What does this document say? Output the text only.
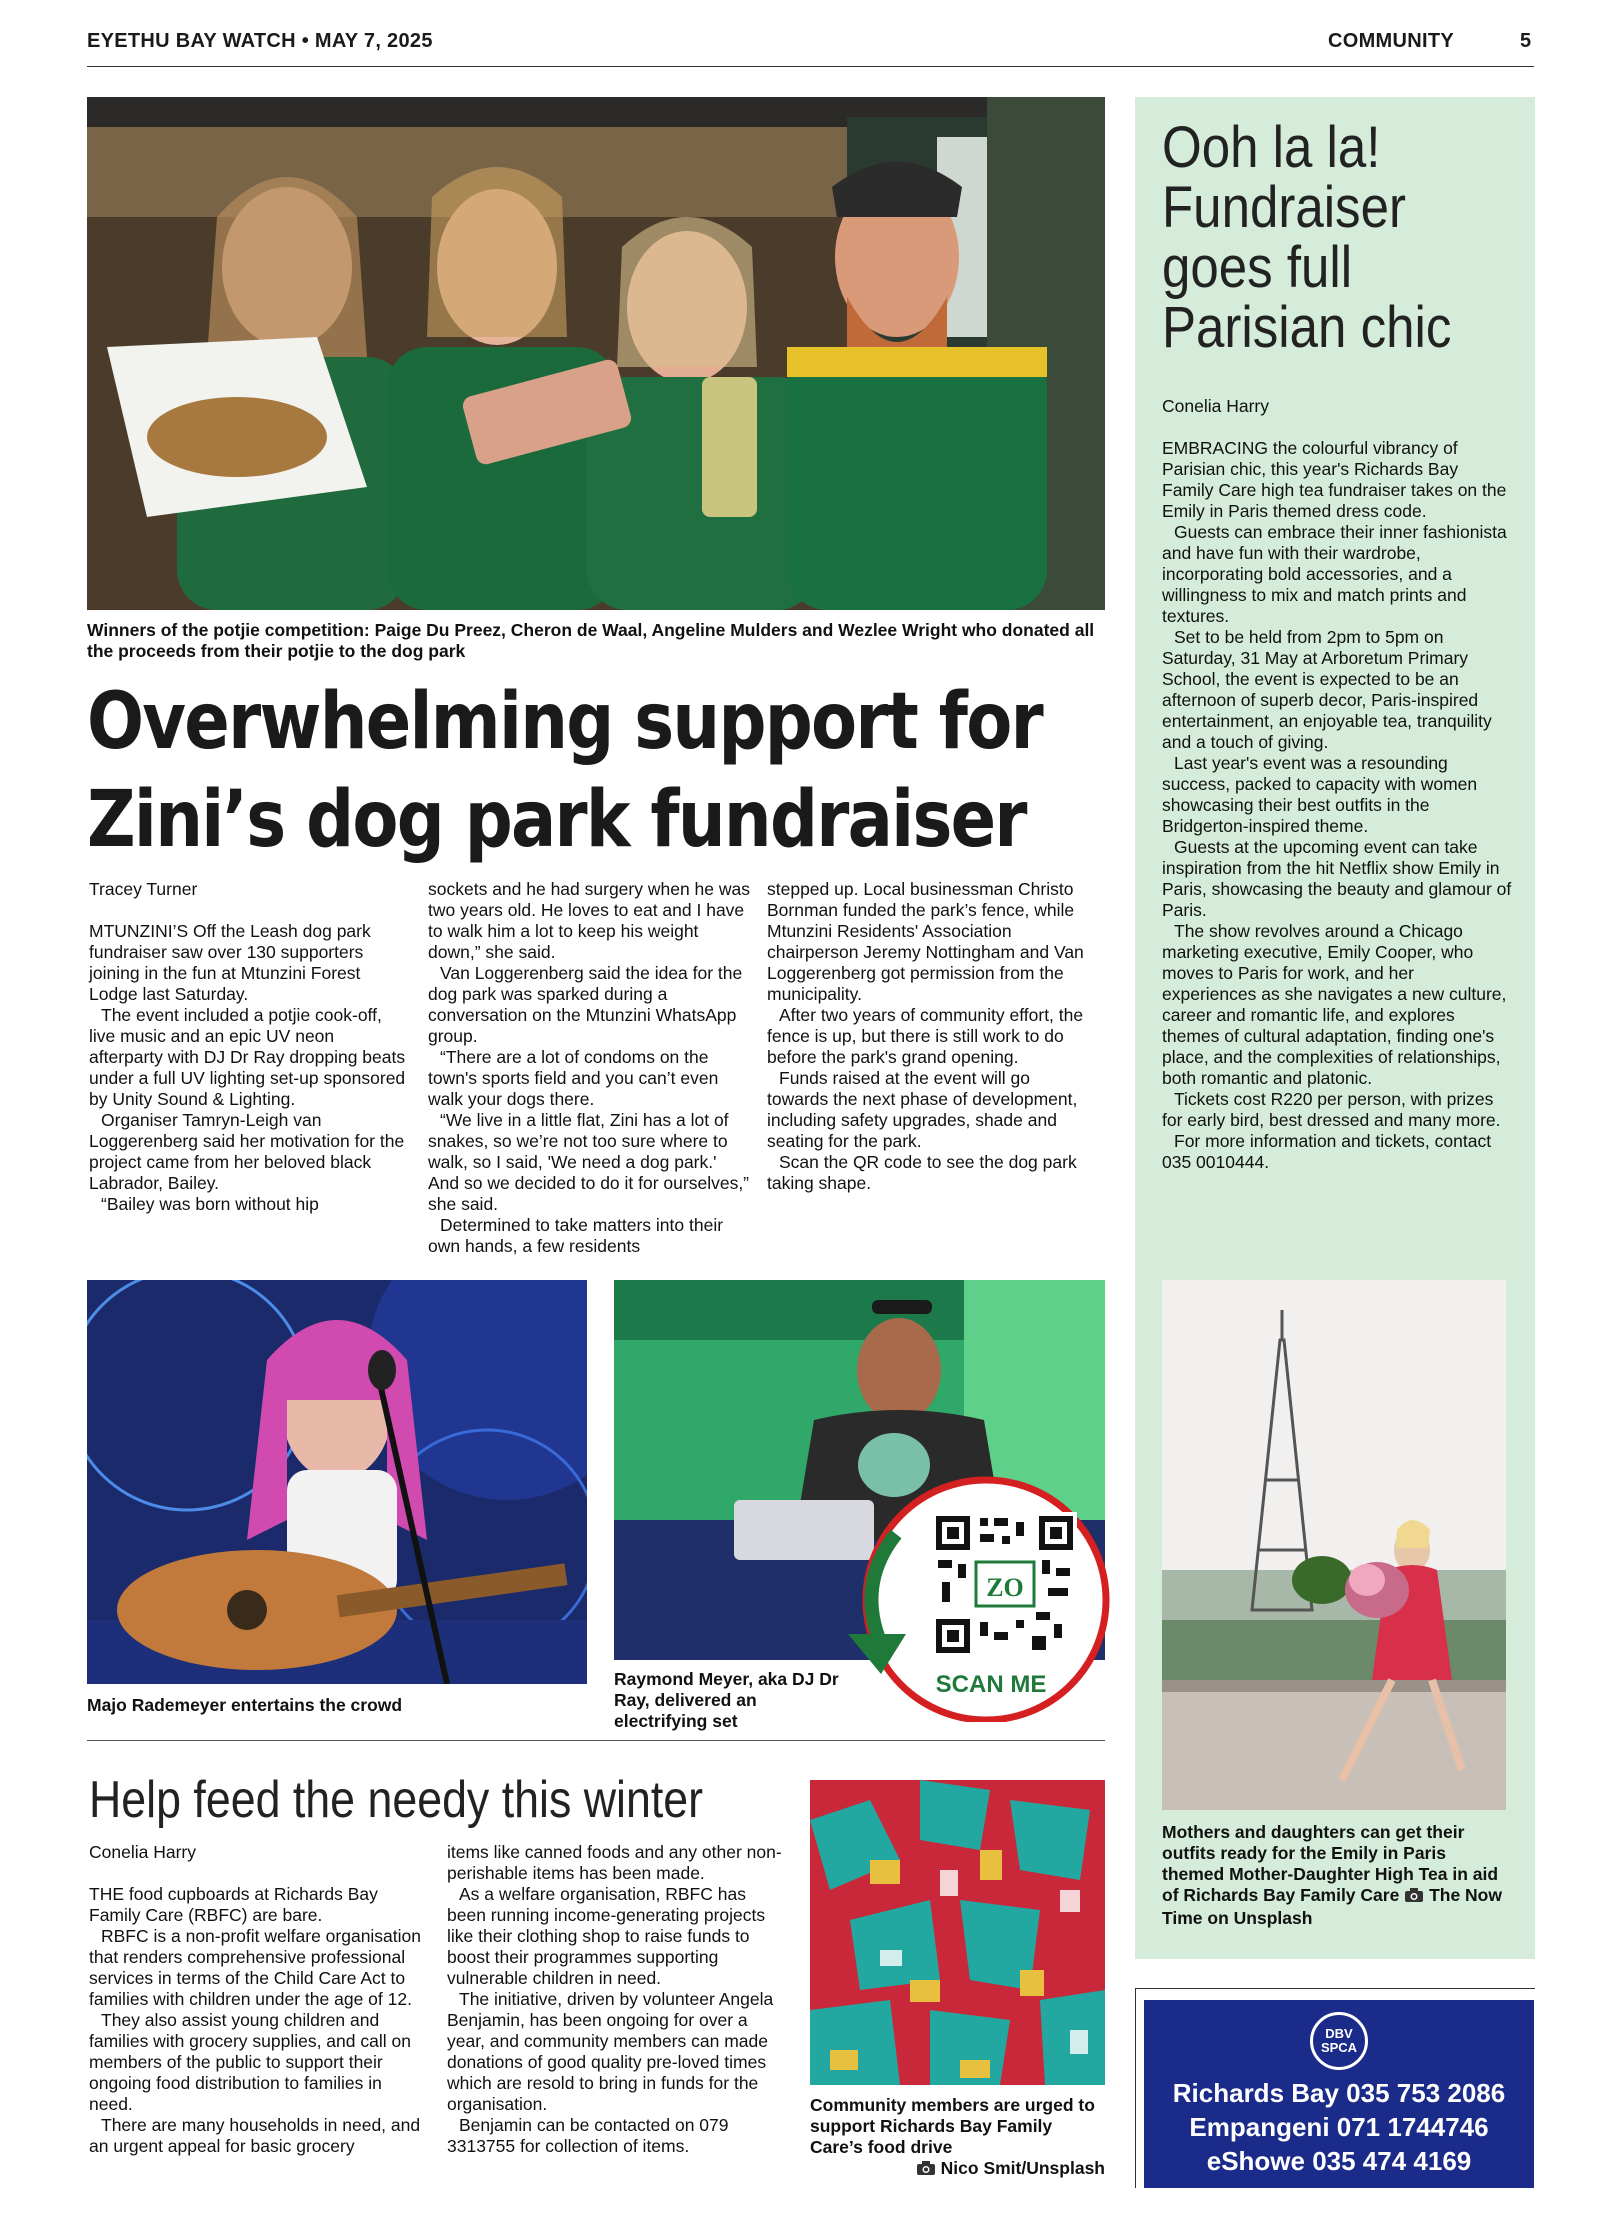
EYETHU BAY WATCH • MAY 7, 2025	COMMUNITY	5
Winners of the potjie competition: Paige Du Preez, Cheron de Waal, Angeline Mulders and Wezlee Wright who donated all the proceeds from their potjie to the dog park
Overwhelming support for
Zini’s dog park fundraiser
Tracey Turner

MTUNZINI’S Off the Leash dog park fundraiser saw over 130 supporters joining in the fun at Mtunzini Forest Lodge last Saturday.

The event included a potjie cook-off, live music and an epic UV neon afterparty with DJ Dr Ray dropping beats under a full UV lighting set-up sponsored by Unity Sound & Lighting.

Organiser Tamryn-Leigh van Loggerenberg said her motivation for the project came from her beloved black Labrador, Bailey.

“Bailey was born without hip

sockets and he had surgery when he was two years old. He loves to eat and I have to walk him a lot to keep his weight down,” she said.

Van Loggerenberg said the idea for the dog park was sparked during a conversation on the Mtunzini WhatsApp group.

“There are a lot of condoms on the town's sports field and you can’t even walk your dogs there.

“We live in a little flat, Zini has a lot of snakes, so we’re not too sure where to walk, so I said, 'We need a dog park.' And so we decided to do it for ourselves,” she said.

Determined to take matters into their own hands, a few residents

stepped up. Local businessman Christo Bornman funded the park’s fence, while Mtunzini Residents' Association chairperson Jeremy Nottingham and Van Loggerenberg got permission from the municipality.

After two years of community effort, the fence is up, but there is still work to do before the park's grand opening.

Funds raised at the event will go towards the next phase of development, including safety upgrades, shade and seating for the park.

Scan the QR code to see the dog park taking shape.

Majo Rademeyer entertains the crowd
Raymond Meyer, aka DJ Dr Ray, delivered an electrifying set
ZO
SCAN ME
Help feed the needy this winter
Conelia Harry

THE food cupboards at Richards Bay Family Care (RBFC) are bare.

RBFC is a non-profit welfare organisation that renders comprehensive professional services in terms of the Child Care Act to families with children under the age of 12.

They also assist young children and families with grocery supplies, and call on members of the public to support their ongoing food distribution to families in need.

There are many households in need, and an urgent appeal for basic grocery

items like canned foods and any other non-perishable items has been made.

As a welfare organisation, RBFC has been running income-generating projects like their clothing shop to raise funds to boost their programmes supporting vulnerable children in need.

The initiative, driven by volunteer Angela Benjamin, has been ongoing for over a year, and community members can made donations of good quality pre-loved times which are resold to bring in funds for the organisation.

Benjamin can be contacted on 079 3313755 for collection of items.

Community members are urged to support Richards Bay Family Care’s food drive

Nico Smit/Unsplash
Ooh la la!
Fundraiser
goes full
Parisian chic
Conelia Harry

EMBRACING the colourful vibrancy of Parisian chic, this year's Richards Bay Family Care high tea fundraiser takes on the Emily in Paris themed dress code.

Guests can embrace their inner fashionista and have fun with their wardrobe, incorporating bold accessories, and a willingness to mix and match prints and textures.

Set to be held from 2pm to 5pm on Saturday, 31 May at Arboretum Primary School, the event is expected to be an afternoon of superb decor, Paris-inspired entertainment, an enjoyable tea, tranquility and a touch of giving.

Last year's event was a resounding success, packed to capacity with women showcasing their best outfits in the Bridgerton-inspired theme.

Guests at the upcoming event can take inspiration from the hit Netflix show Emily in Paris, showcasing the beauty and glamour of Paris.

The show revolves around a Chicago marketing executive, Emily Cooper, who moves to Paris for work, and her experiences as she navigates a new culture, career and romantic life, and explores themes of cultural adaptation, finding one's place, and the complexities of relationships, both romantic and platonic.

Tickets cost R220 per person, with prizes for early bird, best dressed and many more.

For more information and tickets, contact 035 0010444.

Mothers and daughters can get their outfits ready for the Emily in Paris themed Mother-Daughter High Tea in aid of Richards Bay Family Care The Now Time on Unsplash
DBV
SPCA
Richards Bay 035 753 2086
Empangeni 071 1744746
eShowe 035 474 4169
